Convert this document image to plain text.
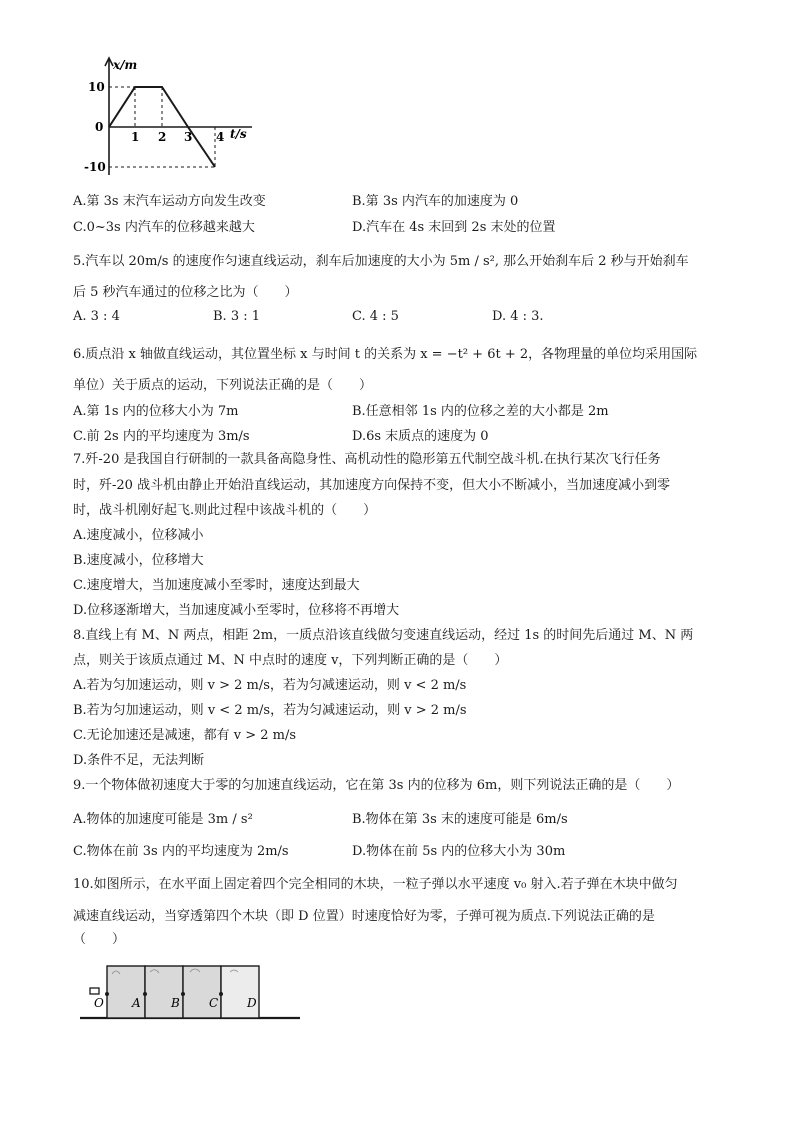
x/m
10
0
-10
1 2 3 4 t/s
A.第 3s 末汽车运动方向发生改变	B.第 3s 内汽车的加速度为 0
C.0~3s 内汽车的位移越来越大	D.汽车在 4s 末回到 2s 末处的位置
5.汽车以 20m/s 的速度作匀速直线运动，刹车后加速度的大小为 5m / s², 那么开始刹车后 2 秒与开始刹车
后 5 秒汽车通过的位移之比为（　　）
A. 3 : 4	B. 3 : 1	C. 4 : 5	D. 4 : 3.
6.质点沿 x 轴做直线运动，其位置坐标 x 与时间 t 的关系为 x = −t² + 6t + 2，各物理量的单位均采用国际
单位）关于质点的运动，下列说法正确的是（　　）
A.第 1s 内的位移大小为 7m	B.任意相邻 1s 内的位移之差的大小都是 2m
C.前 2s 内的平均速度为 3m/s	D.6s 末质点的速度为 0
7.歼-20 是我国自行研制的一款具备高隐身性、高机动性的隐形第五代制空战斗机.在执行某次飞行任务
时，歼-20 战斗机由静止开始沿直线运动，其加速度方向保持不变，但大小不断减小，当加速度减小到零
时，战斗机刚好起飞.则此过程中该战斗机的（　　）
A.速度减小，位移减小
B.速度减小，位移增大
C.速度增大，当加速度减小至零时，速度达到最大
D.位移逐渐增大，当加速度减小至零时，位移将不再增大
8.直线上有 M、N 两点，相距 2m，一质点沿该直线做匀变速直线运动，经过 1s 的时间先后通过 M、N 两
点，则关于该质点通过 M、N 中点时的速度 v，下列判断正确的是（　　）
A.若为匀加速运动，则 v > 2 m/s，若为匀减速运动，则 v < 2 m/s
B.若为匀加速运动，则 v < 2 m/s，若为匀减速运动，则 v > 2 m/s
C.无论加速还是减速，都有 v > 2 m/s
D.条件不足，无法判断
9.一个物体做初速度大于零的匀加速直线运动，它在第 3s 内的位移为 6m，则下列说法正确的是（　　）
A.物体的加速度可能是 3m / s²	B.物体在第 3s 末的速度可能是 6m/s
C.物体在前 3s 内的平均速度为 2m/s	D.物体在前 5s 内的位移大小为 30m
10.如图所示，在水平面上固定着四个完全相同的木块，一粒子弹以水平速度 v₀ 射入.若子弹在木块中做匀
减速直线运动，当穿透第四个木块（即 D 位置）时速度恰好为零，子弹可视为质点.下列说法正确的是
（　　）
O A	B C D
